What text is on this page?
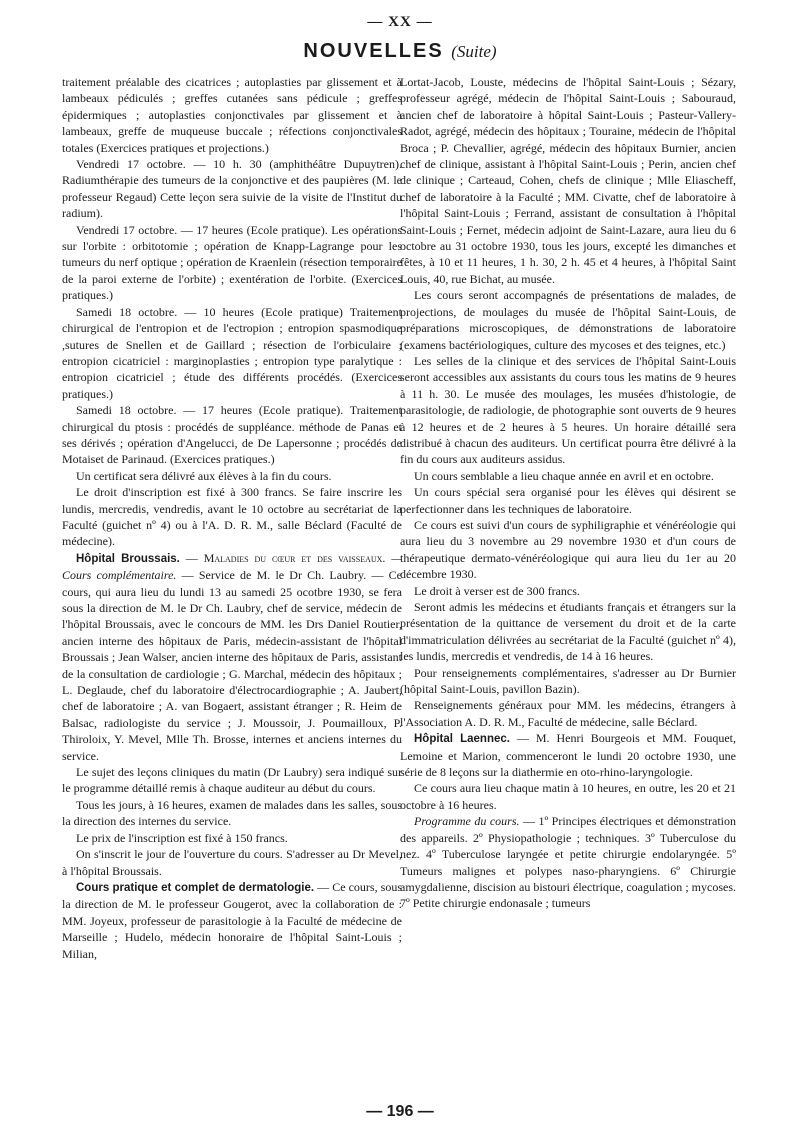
— XX —
NOUVELLES (Suite)

traitement préalable des cicatrices ; autoplasties par glissement et à lambeaux pédiculés ; greffes cutanées sans pédicule ; greffes épidermiques ; autoplasties conjonctivales par glissement et à lambeaux, greffe de muqueuse buccale ; réfections conjonctivales totales (Exercices pratiques et projections.)

Vendredi 17 octobre. — 10 h. 30 (amphithéâtre Dupuytren). Radiumthérapie des tumeurs de la conjonctive et des paupières (M. le professeur Regaud) Cette leçon sera suivie de la visite de l'Institut du radium).

Vendredi 17 octobre. — 17 heures (Ecole pratique). Les opérations sur l'orbite : orbitotomie ; opération de Knapp-Lagrange pour les tumeurs du nerf optique ; opération de Kraenlein (résection temporaire de la paroi externe de l'orbite) ; exentération de l'orbite. (Exercices pratiques.)

Samedi 18 octobre. — 10 heures (Ecole pratique) Traitement chirurgical de l'entropion et de l'ectropion ; entropion spasmodique ,sutures de Snellen et de Gaillard ; résection de l'orbiculaire ; entropion cicatriciel : marginoplasties ; entropion type paralytique : entropion cicatriciel ; étude des différents procédés. (Exercices pratiques.)

Samedi 18 octobre. — 17 heures (Ecole pratique). Traitement chirurgical du ptosis : procédés de suppléance. méthode de Panas et ses dérivés ; opération d'Angelucci, de De Lapersonne ; procédés de Motaiset de Parinaud. (Exercices pratiques.)

Un certificat sera délivré aux élèves à la fin du cours.

Le droit d'inscription est fixé à 300 francs. Se faire inscrire les lundis, mercredis, vendredis, avant le 10 octobre au secrétariat de la Faculté (guichet nº 4) ou à l'A. D. R. M., salle Béclard (Faculté de médecine).

Hôpital Broussais. — Maladies du cœur et des vaisseaux. — Cours complémentaire. — Service de M. le Dr Ch. Laubry. — Ce cours, qui aura lieu du lundi 13 au samedi 25 ocotbre 1930, se fera sous la direction de M. le Dr Ch. Laubry, chef de service, médecin de l'hôpital Broussais, avec le concours de MM. les Drs Daniel Routier, ancien interne des hôpitaux de Paris, médecin-assistant de l'hôpital Broussais ; Jean Walser, ancien interne des hôpitaux de Paris, assistant de la consultation de cardiologie ; G. Marchal, médecin des hôpitaux ; L. Deglaude, chef du laboratoire d'électrocardiographie ; A. Jaubert, chef de laboratoire ; A. van Bogaert, assistant étranger ; R. Heim de Balsac, radiologiste du service ; J. Moussoir, J. Poumailloux, P. Thiroloix, Y. Mevel, Mlle Th. Brosse, internes et anciens internes du service.

Le sujet des leçons cliniques du matin (Dr Laubry) sera indiqué sur le programme détaillé remis à chaque auditeur au début du cours.

Tous les jours, à 16 heures, examen de malades dans les salles, sous la direction des internes du service.

Le prix de l'inscription est fixé à 150 francs.

On s'inscrit le jour de l'ouverture du cours. S'adresser au Dr Mevel, à l'hôpital Broussais.

Cours pratique et complet de dermatologie. — Ce cours, sous la direction de M. le professeur Gougerot, avec la collaboration de : MM. Joyeux, professeur de parasitologie à la Faculté de médecine de Marseille ; Hudelo, médecin honoraire de l'hôpital Saint-Louis ; Milian,

Lortat-Jacob, Louste, médecins de l'hôpital Saint-Louis ; Sézary, professeur agrégé, médecin de l'hôpital Saint-Louis ; Sabouraud, ancien chef de laboratoire à hôpital Saint-Louis ; Pasteur-Vallery-Radot, agrégé, médecin des hôpitaux ; Touraine, médecin de l'hôpital Broca ; P. Chevallier, agrégé, médecin des hôpitaux Burnier, ancien chef de clinique, assistant à l'hôpital Saint-Louis ; Perin, ancien chef de clinique ; Carteaud, Cohen, chefs de clinique ; Mlle Eliascheff, chef de laboratoire à la Faculté ; MM. Civatte, chef de laboratoire à l'hôpital Saint-Louis ; Ferrand, assistant de consultation à l'hôpital Saint-Louis ; Fernet, médecin adjoint de Saint-Lazare, aura lieu du 6 octobre au 31 octobre 1930, tous les jours, excepté les dimanches et fêtes, à 10 et 11 heures, 1 h. 30, 2 h. 45 et 4 heures, à l'hôpital Saint Louis, 40, rue Bichat, au musée.

Les cours seront accompagnés de présentations de malades, de projections, de moulages du musée de l'hôpital Saint-Louis, de préparations microscopiques, de démonstrations de laboratoire (examens bactériologiques, culture des mycoses et des teignes, etc.)

Les selles de la clinique et des services de l'hôpital Saint-Louis seront accessibles aux assistants du cours tous les matins de 9 heures à 11 h. 30. Le musée des moulages, les musées d'histologie, de parasitologie, de radiologie, de photographie sont ouverts de 9 heures à 12 heures et de 2 heures à 5 heures. Un horaire détaillé sera distribué à chacun des auditeurs. Un certificat pourra être délivré à la fin du cours aux auditeurs assidus.

Un cours semblable a lieu chaque année en avril et en octobre.

Un cours spécial sera organisé pour les élèves qui désirent se perfectionner dans les techniques de laboratoire.

Ce cours est suivi d'un cours de syphiligraphie et vénéréologie qui aura lieu du 3 novembre au 29 novembre 1930 et d'un cours de thérapeutique dermato-vénéréologique qui aura lieu du 1er au 20 décembre 1930.

Le droit à verser est de 300 francs.

Seront admis les médecins et étudiants français et étrangers sur la présentation de la quittance de versement du droit et de la carte d'immatriculation délivrées au secrétariat de la Faculté (guichet nº 4), les lundis, mercredis et vendredis, de 14 à 16 heures.

Pour renseignements complémentaires, s'adresser au Dr Burnier (hôpital Saint-Louis, pavillon Bazin).

Renseignements généraux pour MM. les médecins, étrangers à l'Association A. D. R. M., Faculté de médecine, salle Béclard.

Hôpital Laennec. — M. Henri Bourgeois et MM. Fouquet, Lemoine et Marion, commenceront le lundi 20 octobre 1930, une série de 8 leçons sur la diathermie en oto-rhino-laryngologie.

Ce cours aura lieu chaque matin à 10 heures, en outre, les 20 et 21 octobre à 16 heures.

Programme du cours. — 1º Principes électriques et démonstration des appareils. 2º Physiopathologie ; techniques. 3º Tuberculose du nez. 4º Tuberculose laryngée et petite chirurgie endolaryngée. 5º Tumeurs malignes et polypes naso-pharyngiens. 6º Chirurgie amygdalienne, discision au bistouri électrique, coagulation ; mycoses. 7º Petite chirurgie endonasale ; tumeurs

— 196 —
